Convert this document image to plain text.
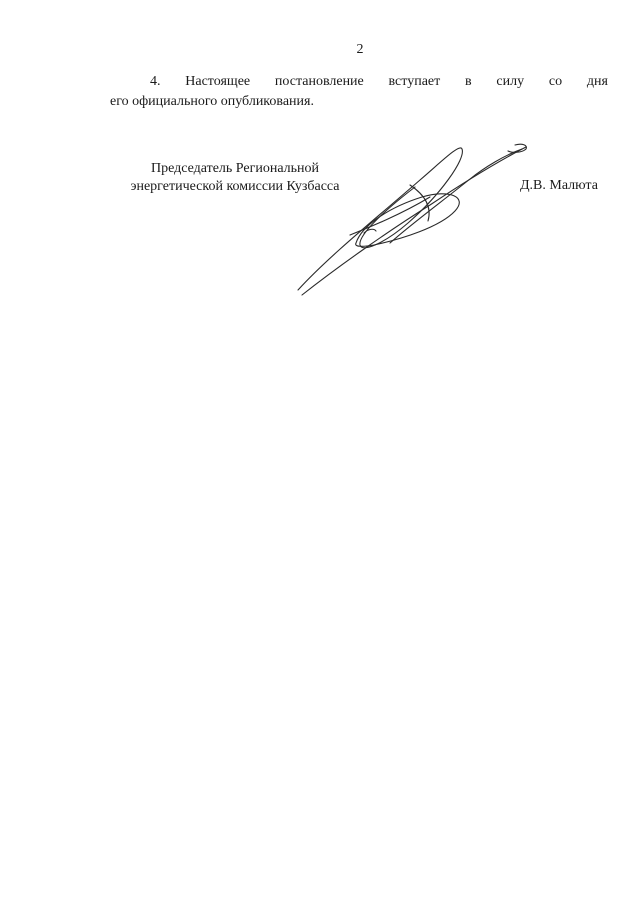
2
4. Настоящее постановление вступает в силу со дня
его официального опубликования.
Председатель Региональной
энергетической комиссии Кузбасса	Д.В. Малюта
